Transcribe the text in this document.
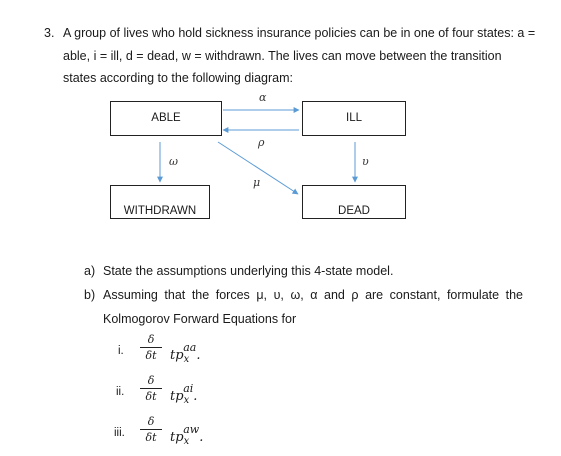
3. A group of lives who hold sickness insurance policies can be in one of four states: a =
able, i = ill, d = dead, w = withdrawn. The lives can move between the transition
states according to the following diagram:
ABLE	ILL
WITHDRAWN	DEAD
α
ρ
ω
μ
υ
a) State the assumptions underlying this 4-state model.
b) Assuming that the forces μ, υ, ω, α and ρ are constant, formulate the
Kolmogorov Forward Equations for
i. $\frac{\delta}{\delta t} tp_x^{aa}$.
ii. $\frac{\delta}{\delta t} tp_x^{ai}$.
iii. $\frac{\delta}{\delta t} tp_x^{aw}$.
